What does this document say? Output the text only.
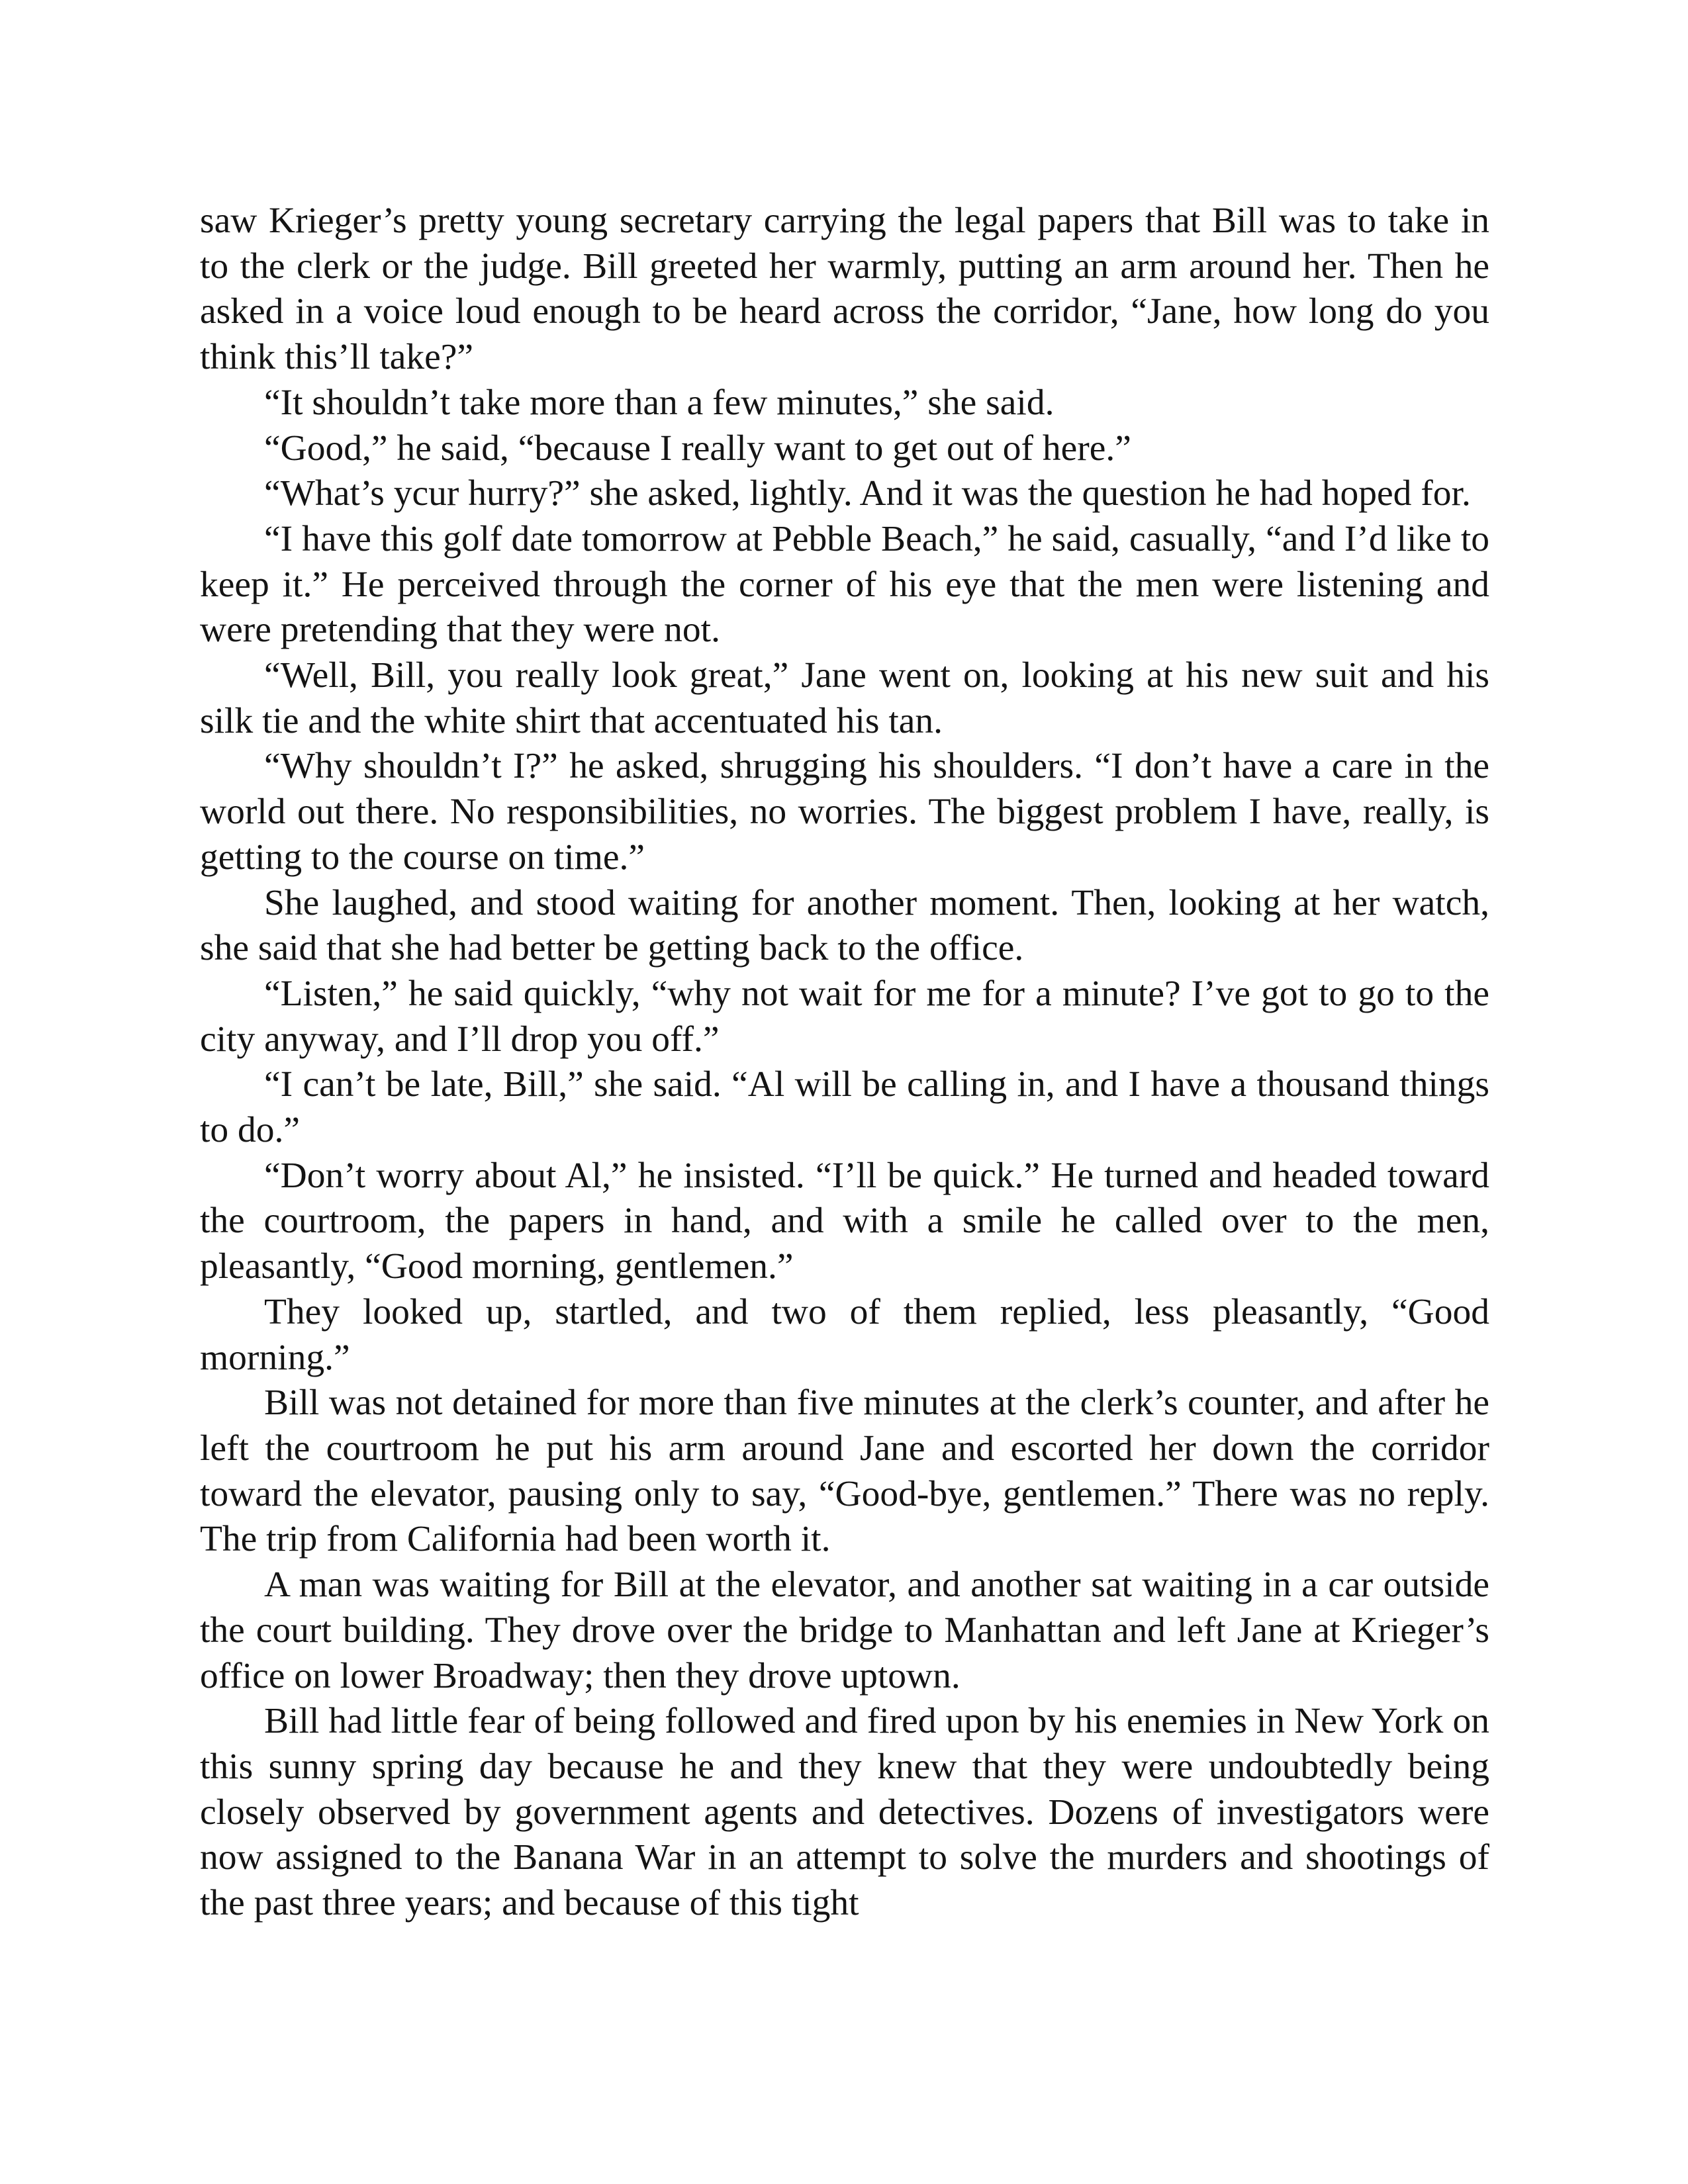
saw Krieger’s pretty young secretary carrying the legal papers that Bill was to take in to the clerk or the judge. Bill greeted her warmly, putting an arm around her. Then he asked in a voice loud enough to be heard across the corridor, “Jane, how long do you think this’ll take?”

“It shouldn’t take more than a few minutes,” she said.

“Good,” he said, “because I really want to get out of here.”

“What’s ycur hurry?” she asked, lightly. And it was the question he had hoped for.

“I have this golf date tomorrow at Pebble Beach,” he said, casually, “and I’d like to keep it.” He perceived through the corner of his eye that the men were listening and were pretending that they were not.

“Well, Bill, you really look great,” Jane went on, looking at his new suit and his silk tie and the white shirt that accentuated his tan.

“Why shouldn’t I?” he asked, shrugging his shoulders. “I don’t have a care in the world out there. No responsibilities, no worries. The biggest problem I have, really, is getting to the course on time.”

She laughed, and stood waiting for another moment. Then, looking at her watch, she said that she had better be getting back to the office.

“Listen,” he said quickly, “why not wait for me for a minute? I’ve got to go to the city anyway, and I’ll drop you off.”

“I can’t be late, Bill,” she said. “Al will be calling in, and I have a thousand things to do.”

“Don’t worry about Al,” he insisted. “I’ll be quick.” He turned and headed toward the courtroom, the papers in hand, and with a smile he called over to the men, pleasantly, “Good morning, gentlemen.”

They looked up, startled, and two of them replied, less pleasantly, “Good morning.”

Bill was not detained for more than five minutes at the clerk’s counter, and after he left the courtroom he put his arm around Jane and escorted her down the corridor toward the elevator, pausing only to say, “Good-bye, gentlemen.” There was no reply. The trip from California had been worth it.

A man was waiting for Bill at the elevator, and another sat waiting in a car outside the court building. They drove over the bridge to Manhattan and left Jane at Krieger’s office on lower Broadway; then they drove uptown.

Bill had little fear of being followed and fired upon by his enemies in New York on this sunny spring day because he and they knew that they were undoubtedly being closely observed by government agents and detectives. Dozens of investigators were now assigned to the Banana War in an attempt to solve the murders and shootings of the past three years; and because of this tight
